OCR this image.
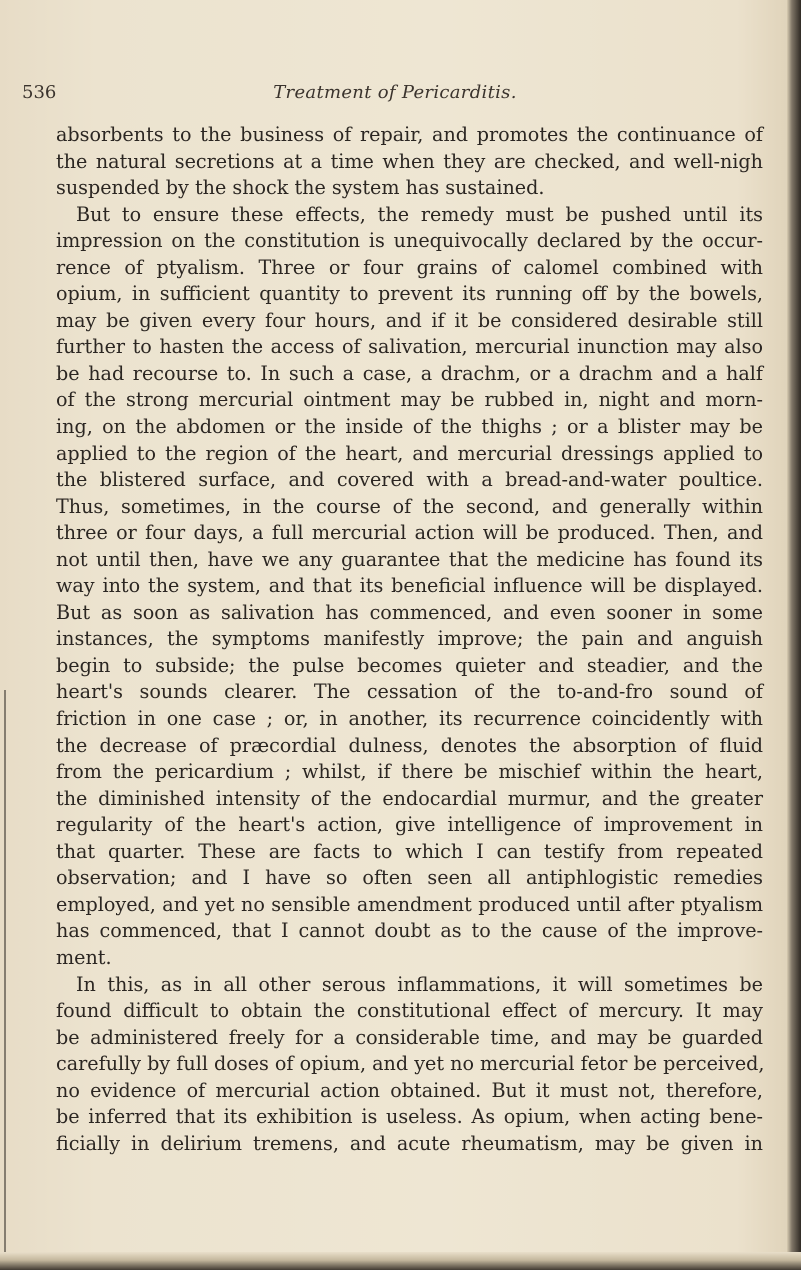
536	Treatment of Pericarditis.
absorbents to the business of repair, and promotes the continuance of
the natural secretions at a time when they are checked, and well-nigh
suspended by the shock the system has sustained.
But to ensure these effects, the remedy must be pushed until its
impression on the constitution is unequivocally declared by the occur-
rence of ptyalism. Three or four grains of calomel combined with
opium, in sufficient quantity to prevent its running off by the bowels,
may be given every four hours, and if it be considered desirable still
further to hasten the access of salivation, mercurial inunction may also
be had recourse to. In such a case, a drachm, or a drachm and a half
of the strong mercurial ointment may be rubbed in, night and morn-
ing, on the abdomen or the inside of the thighs ; or a blister may be
applied to the region of the heart, and mercurial dressings applied to
the blistered surface, and covered with a bread-and-water poultice.
Thus, sometimes, in the course of the second, and generally within
three or four days, a full mercurial action will be produced. Then, and
not until then, have we any guarantee that the medicine has found its
way into the system, and that its beneficial influence will be displayed.
But as soon as salivation has commenced, and even sooner in some
instances, the symptoms manifestly improve; the pain and anguish
begin to subside; the pulse becomes quieter and steadier, and the
heart's sounds clearer. The cessation of the to-and-fro sound of
friction in one case ; or, in another, its recurrence coincidently with
the decrease of præcordial dulness, denotes the absorption of fluid
from the pericardium ; whilst, if there be mischief within the heart,
the diminished intensity of the endocardial murmur, and the greater
regularity of the heart's action, give intelligence of improvement in
that quarter. These are facts to which I can testify from repeated
observation; and I have so often seen all antiphlogistic remedies
employed, and yet no sensible amendment produced until after ptyalism
has commenced, that I cannot doubt as to the cause of the improve-
ment.
In this, as in all other serous inflammations, it will sometimes be
found difficult to obtain the constitutional effect of mercury. It may
be administered freely for a considerable time, and may be guarded
carefully by full doses of opium, and yet no mercurial fetor be perceived,
no evidence of mercurial action obtained. But it must not, therefore,
be inferred that its exhibition is useless. As opium, when acting bene-
ficially in delirium tremens, and acute rheumatism, may be given in
